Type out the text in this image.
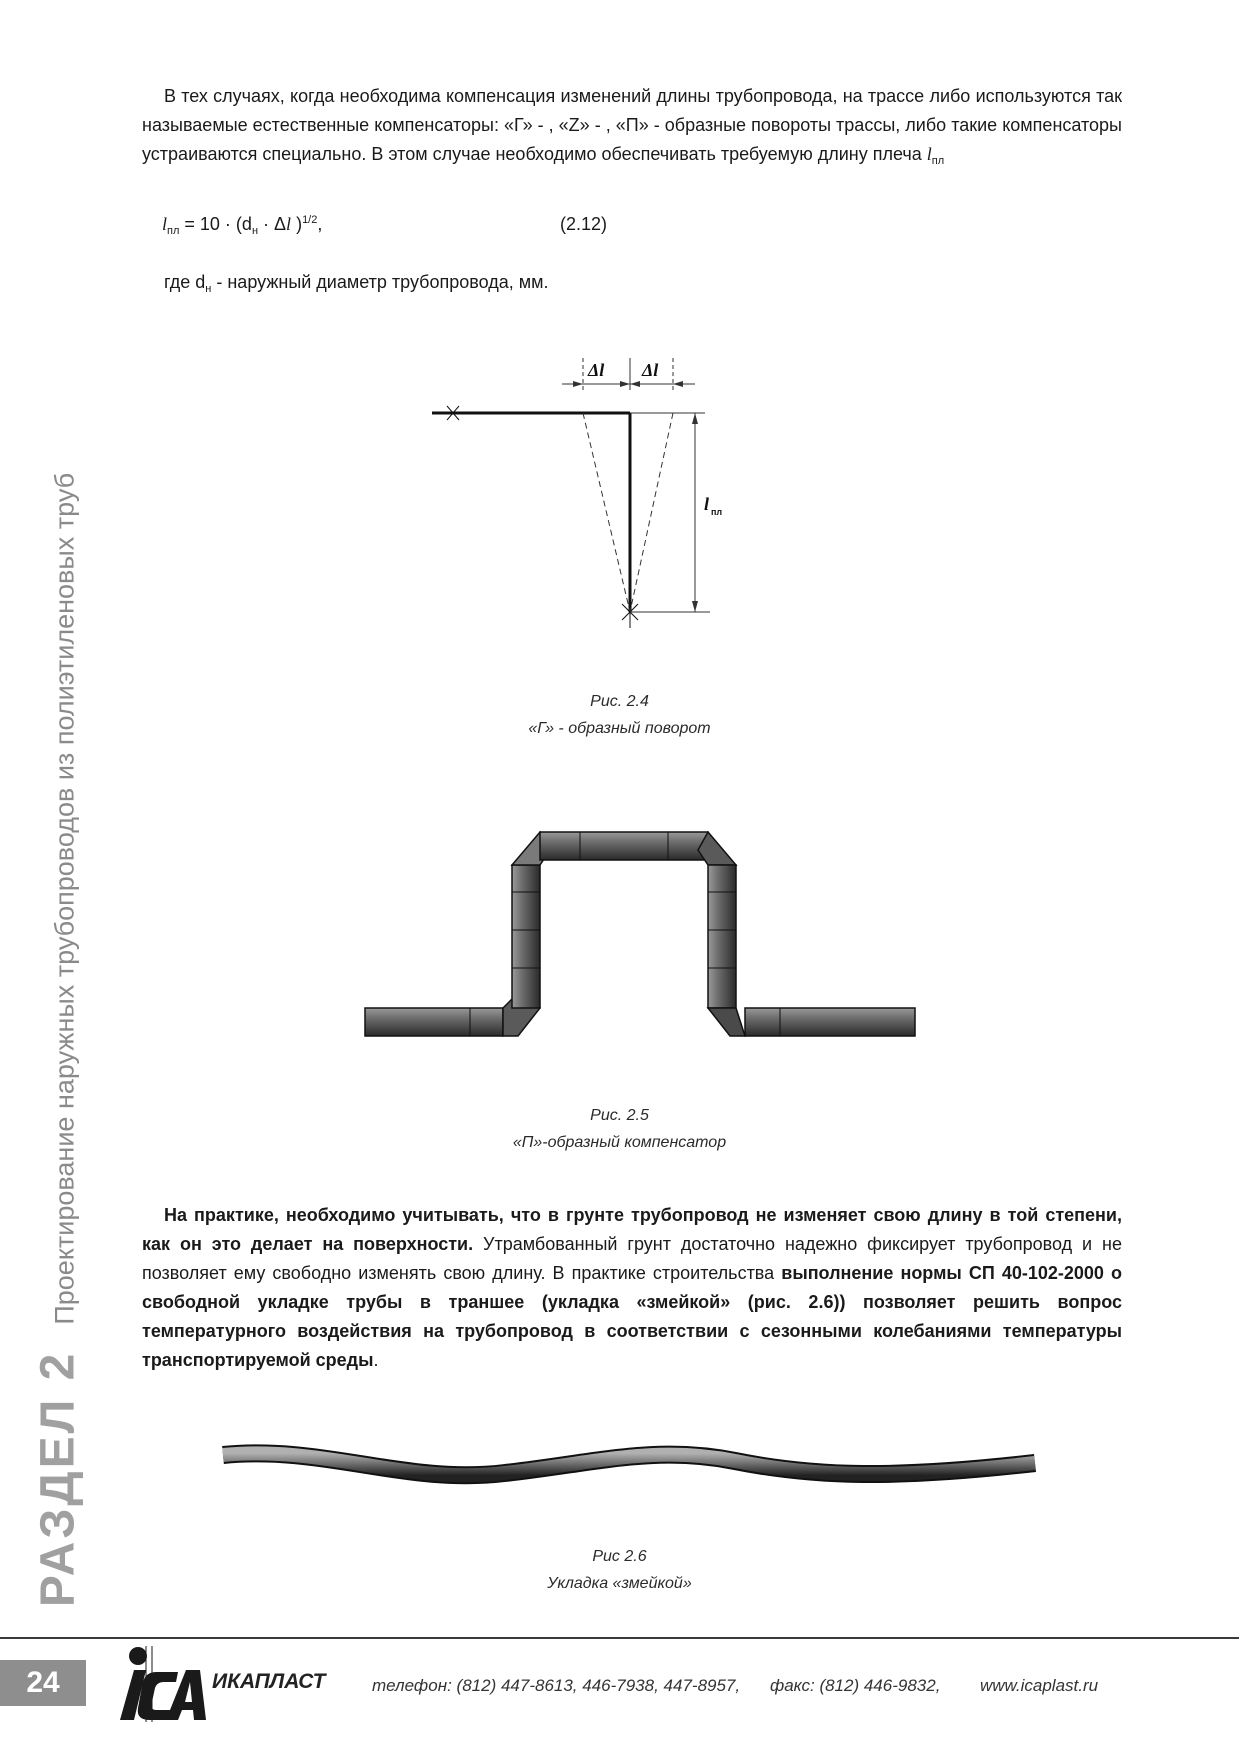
РАЗДЕЛ 2Проектирование наружных трубопроводов из полиэтиленовых труб
В тех случаях, когда необходима компенсация изменений длины трубопровода, на трассе либо используются так называемые естественные компенсаторы: «Г» - , «Z» - , «П» - образные повороты трассы, либо такие компенсаторы устраиваются специально. В этом случае необходимо обеспечивать требуемую длину плеча $l_{пл}$
$l_{пл} = 10 \cdot (d_н \cdot \Delta l$ )$^{1/2}$,	(2.12)
где $d_н$ - наружный диаметр трубопровода, мм.
Δl Δl
l пл
Рис. 2.4
«Г» - образный поворот
Рис. 2.5
«П»-образный компенсатор
На практике, необходимо учитывать, что в грунте трубопровод не изменяет свою длину в той степени, как он это делает на поверхности. Утрамбованный грунт достаточно надежно фиксирует трубопровод и не позволяет ему свободно изменять свою длину. В практике строительства выполнение нормы СП 40-102-2000 о свободной укладке трубы в траншее (укладка «змейкой» (рис. 2.6)) позволяет решить вопрос температурного воздействия на трубопровод в соответствии с сезонными колебаниями температуры транспортируемой среды.
Рис 2.6
Укладка «змейкой»
24	ИКАПЛАСТ	телефон: (812) 447-8613, 446-7938, 447-8957, факс: (812) 446-9832, www.icaplast.ru
